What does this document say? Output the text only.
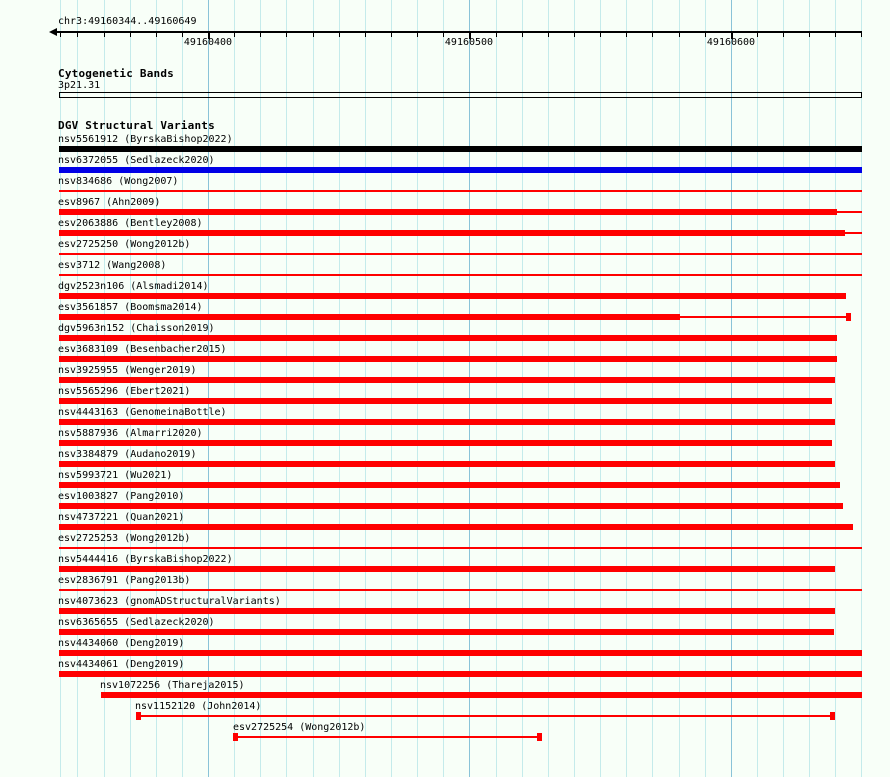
chr3:49160344..49160649
49160400	49160500	49160600
Cytogenetic Bands
3p21.31
DGV Structural Variants
nsv5561912 (ByrskaBishop2022)
nsv6372055 (Sedlazeck2020)
nsv834686 (Wong2007)
esv8967 (Ahn2009)
esv2063886 (Bentley2008)
esv2725250 (Wong2012b)
esv3712 (Wang2008)
dgv2523n106 (Alsmadi2014)
esv3561857 (Boomsma2014)
dgv5963n152 (Chaisson2019)
esv3683109 (Besenbacher2015)
nsv3925955 (Wenger2019)
nsv5565296 (Ebert2021)
nsv4443163 (GenomeinaBottle)
nsv5887936 (Almarri2020)
nsv3384879 (Audano2019)
nsv5993721 (Wu2021)
esv1003827 (Pang2010)
nsv4737221 (Quan2021)
esv2725253 (Wong2012b)
nsv5444416 (ByrskaBishop2022)
esv2836791 (Pang2013b)
nsv4073623 (gnomADStructuralVariants)
nsv6365655 (Sedlazeck2020)
nsv4434060 (Deng2019)
nsv4434061 (Deng2019)
nsv1072256 (Thareja2015)
nsv1152120 (John2014)
esv2725254 (Wong2012b)
